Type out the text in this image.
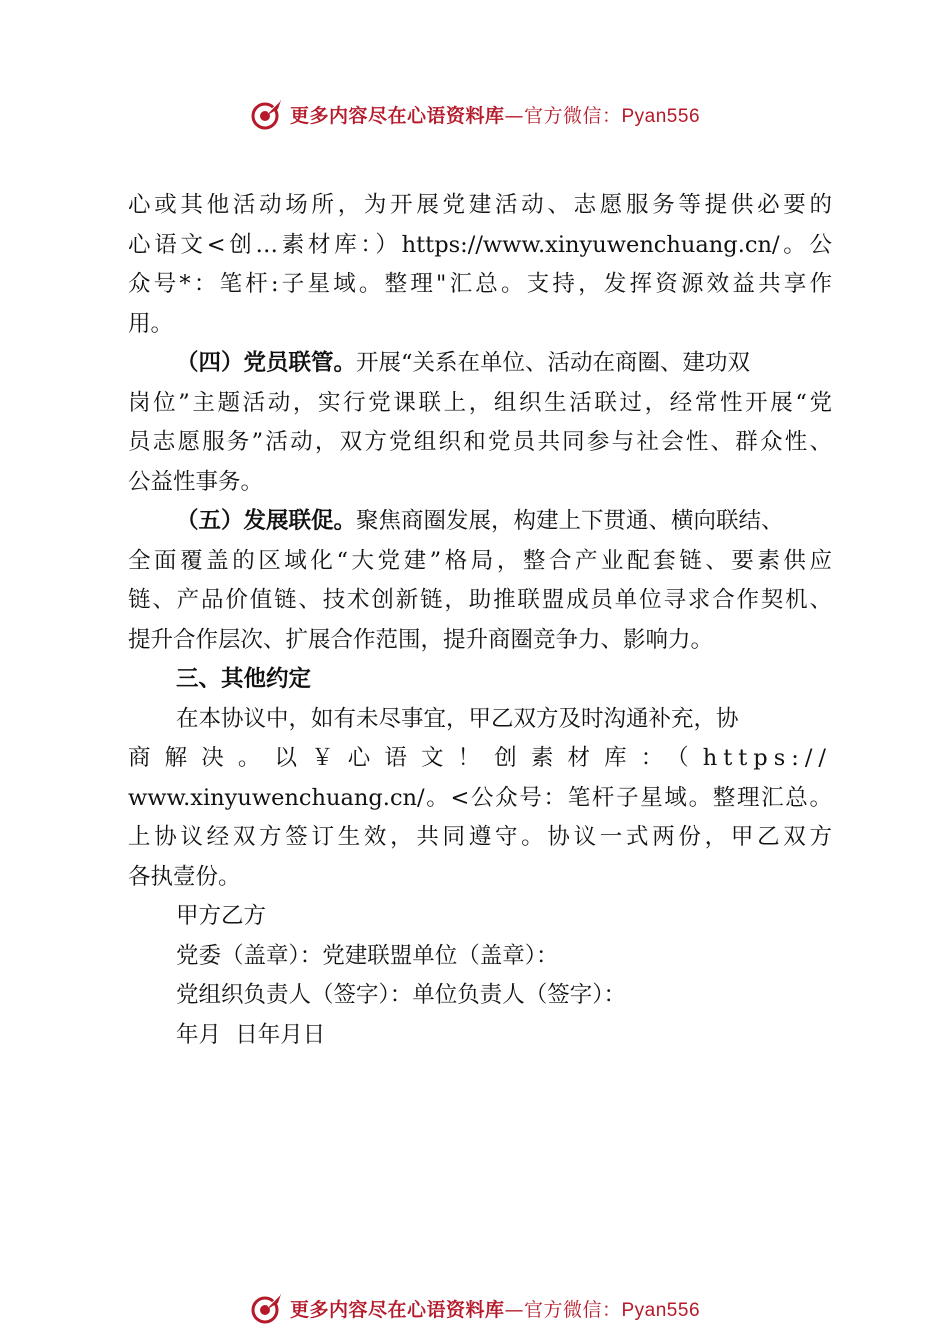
更多内容尽在心语资料库—官方微信：Pyan556
心或其他活动场所，为开展党建活动、志愿服务等提供必要的
心语文<创…素材库：）https://www.xinyuwenchuang.cn/。公
众号*：笔杆:子星域。整理"汇总。支持，发挥资源效益共享作
用。
（四）党员联管。开展“关系在单位、活动在商圈、建功双
岗位”主题活动，实行党课联上，组织生活联过，经常性开展“党
员志愿服务”活动，双方党组织和党员共同参与社会性、群众性、
公益性事务。
（五）发展联促。聚焦商圈发展，构建上下贯通、横向联结、
全面覆盖的区域化“大党建”格局，整合产业配套链、要素供应
链、产品价值链、技术创新链，助推联盟成员单位寻求合作契机、
提升合作层次、扩展合作范围，提升商圈竞争力、影响力。
三、其他约定
在本协议中，如有未尽事宜，甲乙双方及时沟通补充，协
商解决。以￥心语文！创素材库：（https://
www.xinyuwenchuang.cn/。<公众号：笔杆子星域。整理汇总。
上协议经双方签订生效，共同遵守。协议一式两份，甲乙双方
各执壹份。
甲方乙方
党委（盖章）：党建联盟单位（盖章）：
党组织负责人（签字）：单位负责人（签字）：
年月  日年月日
更多内容尽在心语资料库—官方微信：Pyan556
